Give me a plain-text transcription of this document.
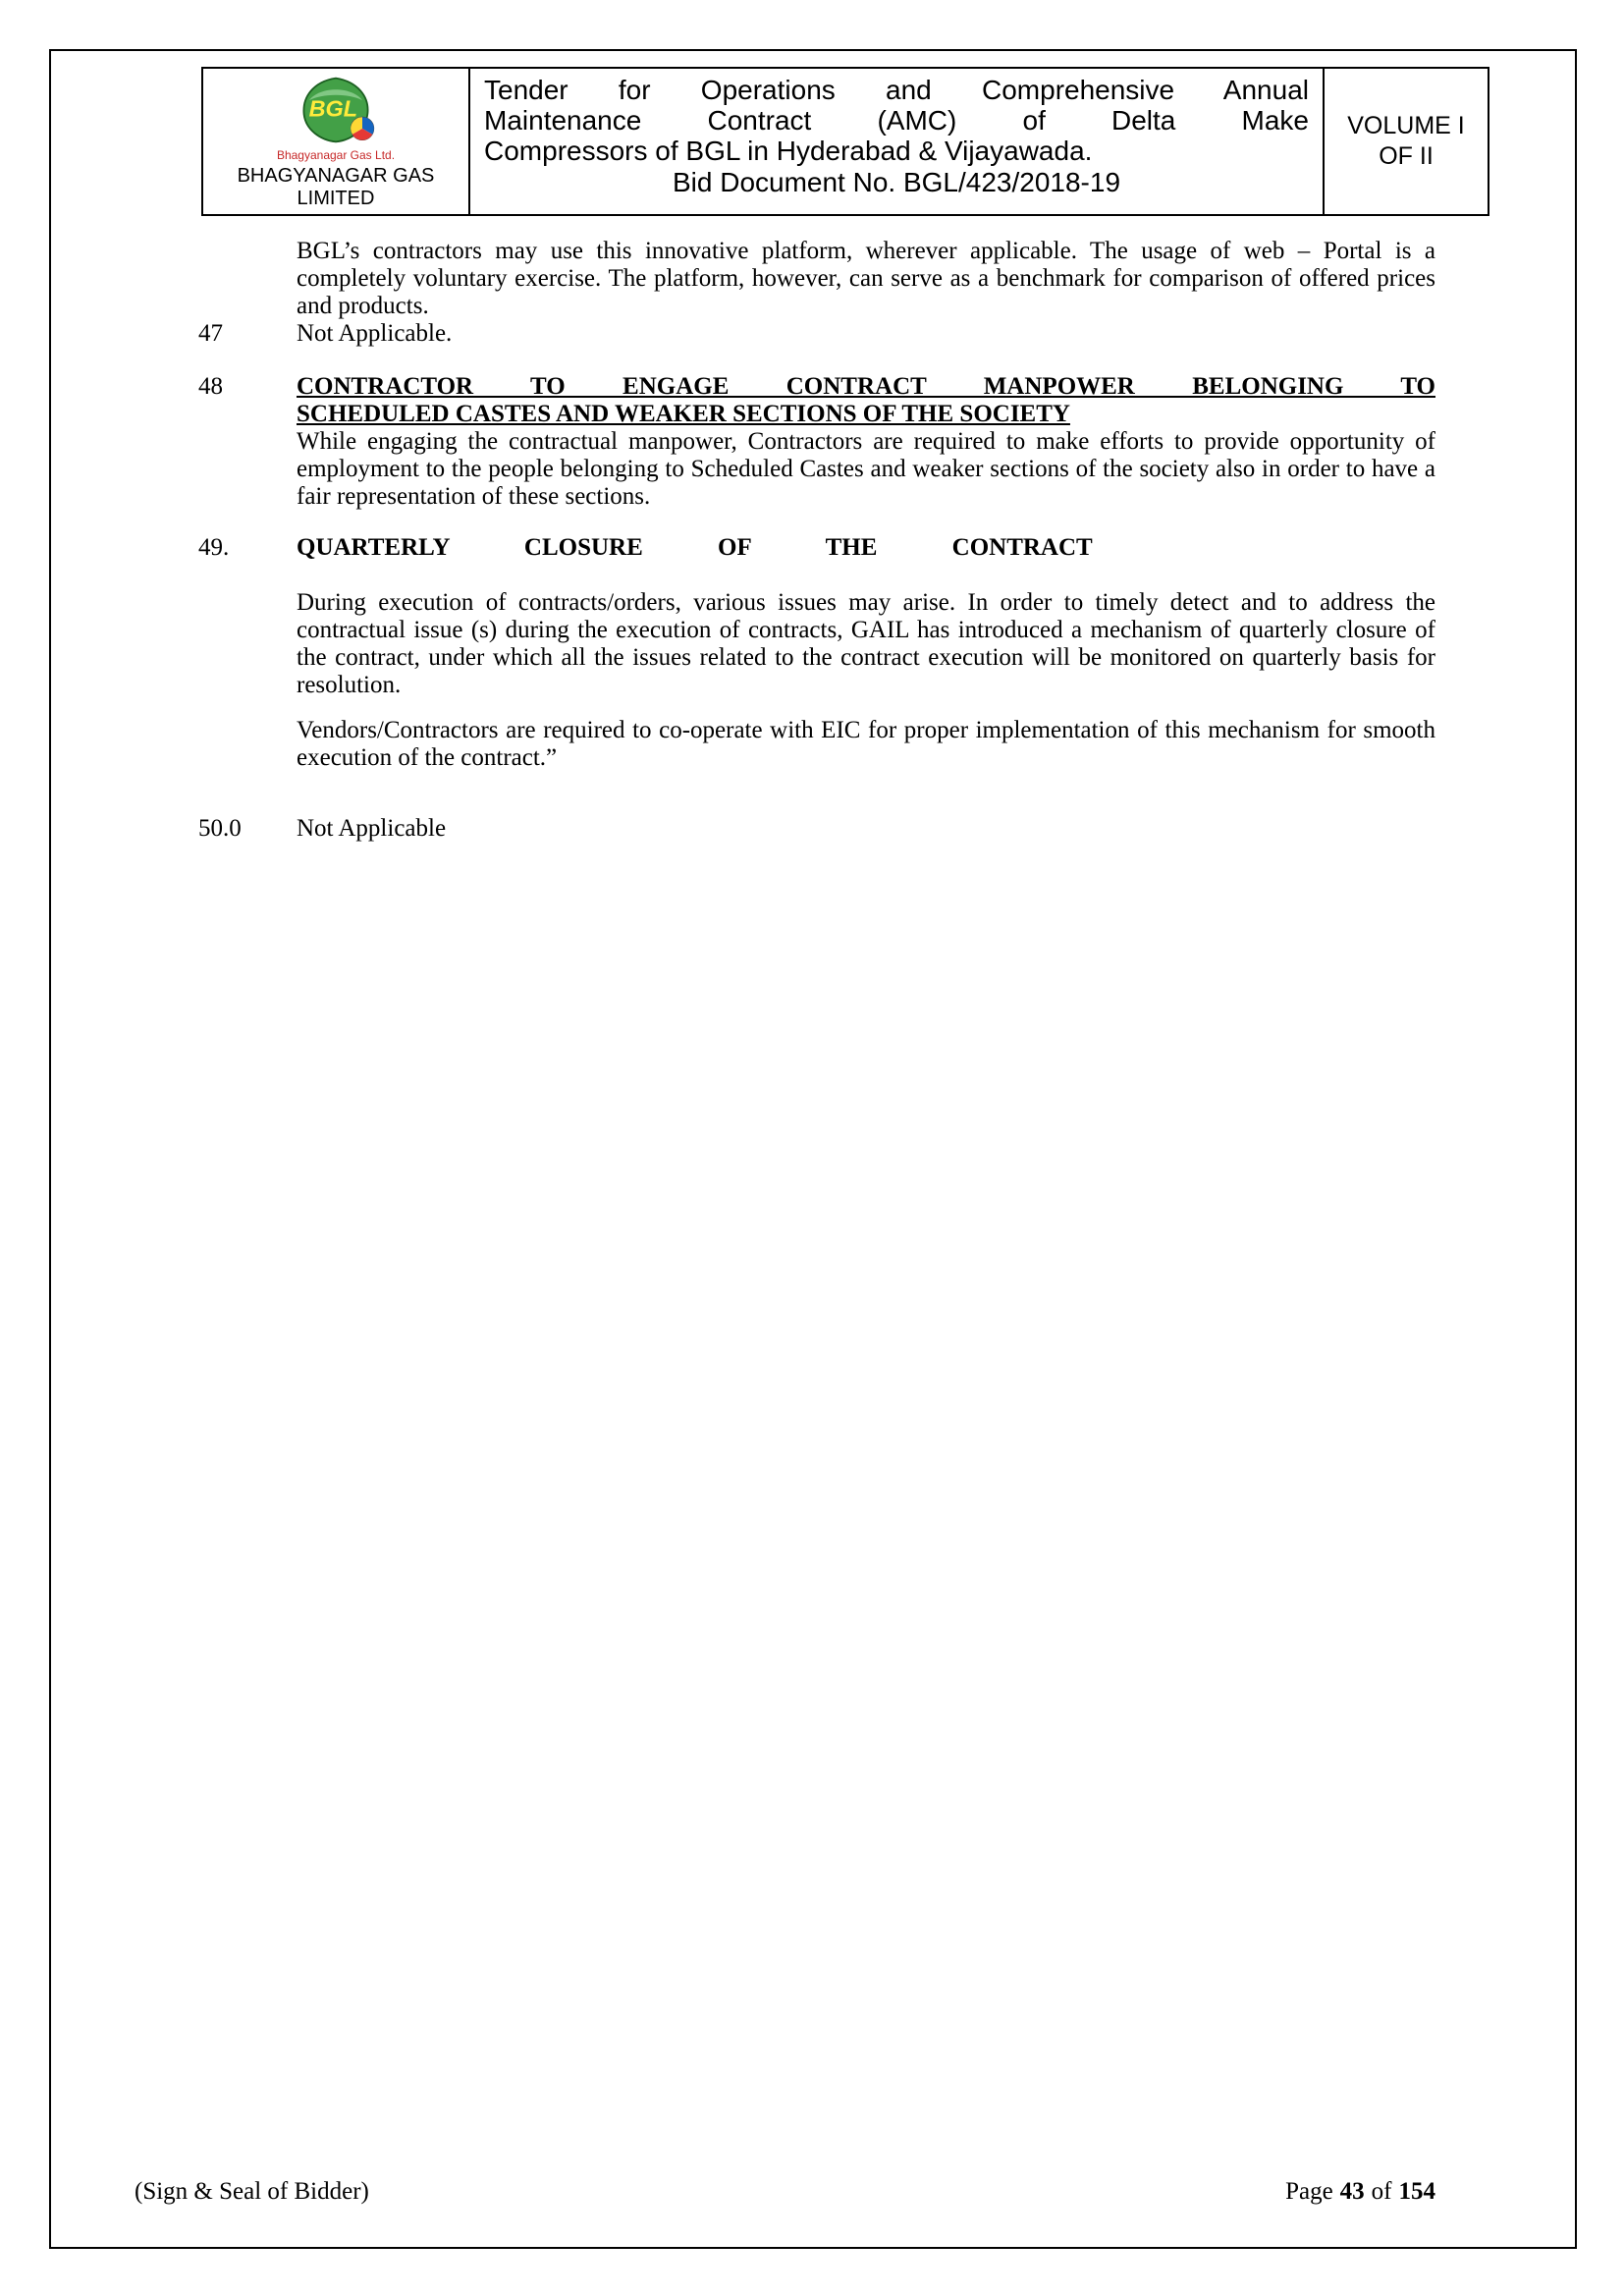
BGL
Bhagyanagar Gas Ltd.
BHAGYANAGAR GAS
LIMITED
Tender for Operations and Comprehensive Annual
Maintenance Contract (AMC) of Delta Make
Compressors of BGL in Hyderabad & Vijayawada.
Bid Document No. BGL/423/2018-19
VOLUME I
OF II
BGL’s contractors may use this innovative platform, wherever applicable. The usage of web – Portal is a completely voluntary exercise. The platform, however, can serve as a benchmark for comparison of offered prices and products.
47	Not Applicable.
48	CONTRACTOR TO ENGAGE CONTRACT MANPOWER BELONGING TO
SCHEDULED CASTES AND WEAKER SECTIONS OF THE SOCIETY
While engaging the contractual manpower, Contractors are required to make efforts to provide opportunity of employment to the people belonging to Scheduled Castes and weaker sections of the society also in order to have a fair representation of these sections.
49.	QUARTERLY CLOSURE OF THE CONTRACT
During execution of contracts/orders, various issues may arise. In order to timely detect and to address the contractual issue (s) during the execution of contracts, GAIL has introduced a mechanism of quarterly closure of the contract, under which all the issues related to the contract execution will be monitored on quarterly basis for resolution.
Vendors/Contractors are required to co-operate with EIC for proper implementation of this mechanism for smooth execution of the contract.”
50.0	Not Applicable
(Sign & Seal of Bidder)	Page 43 of 154
